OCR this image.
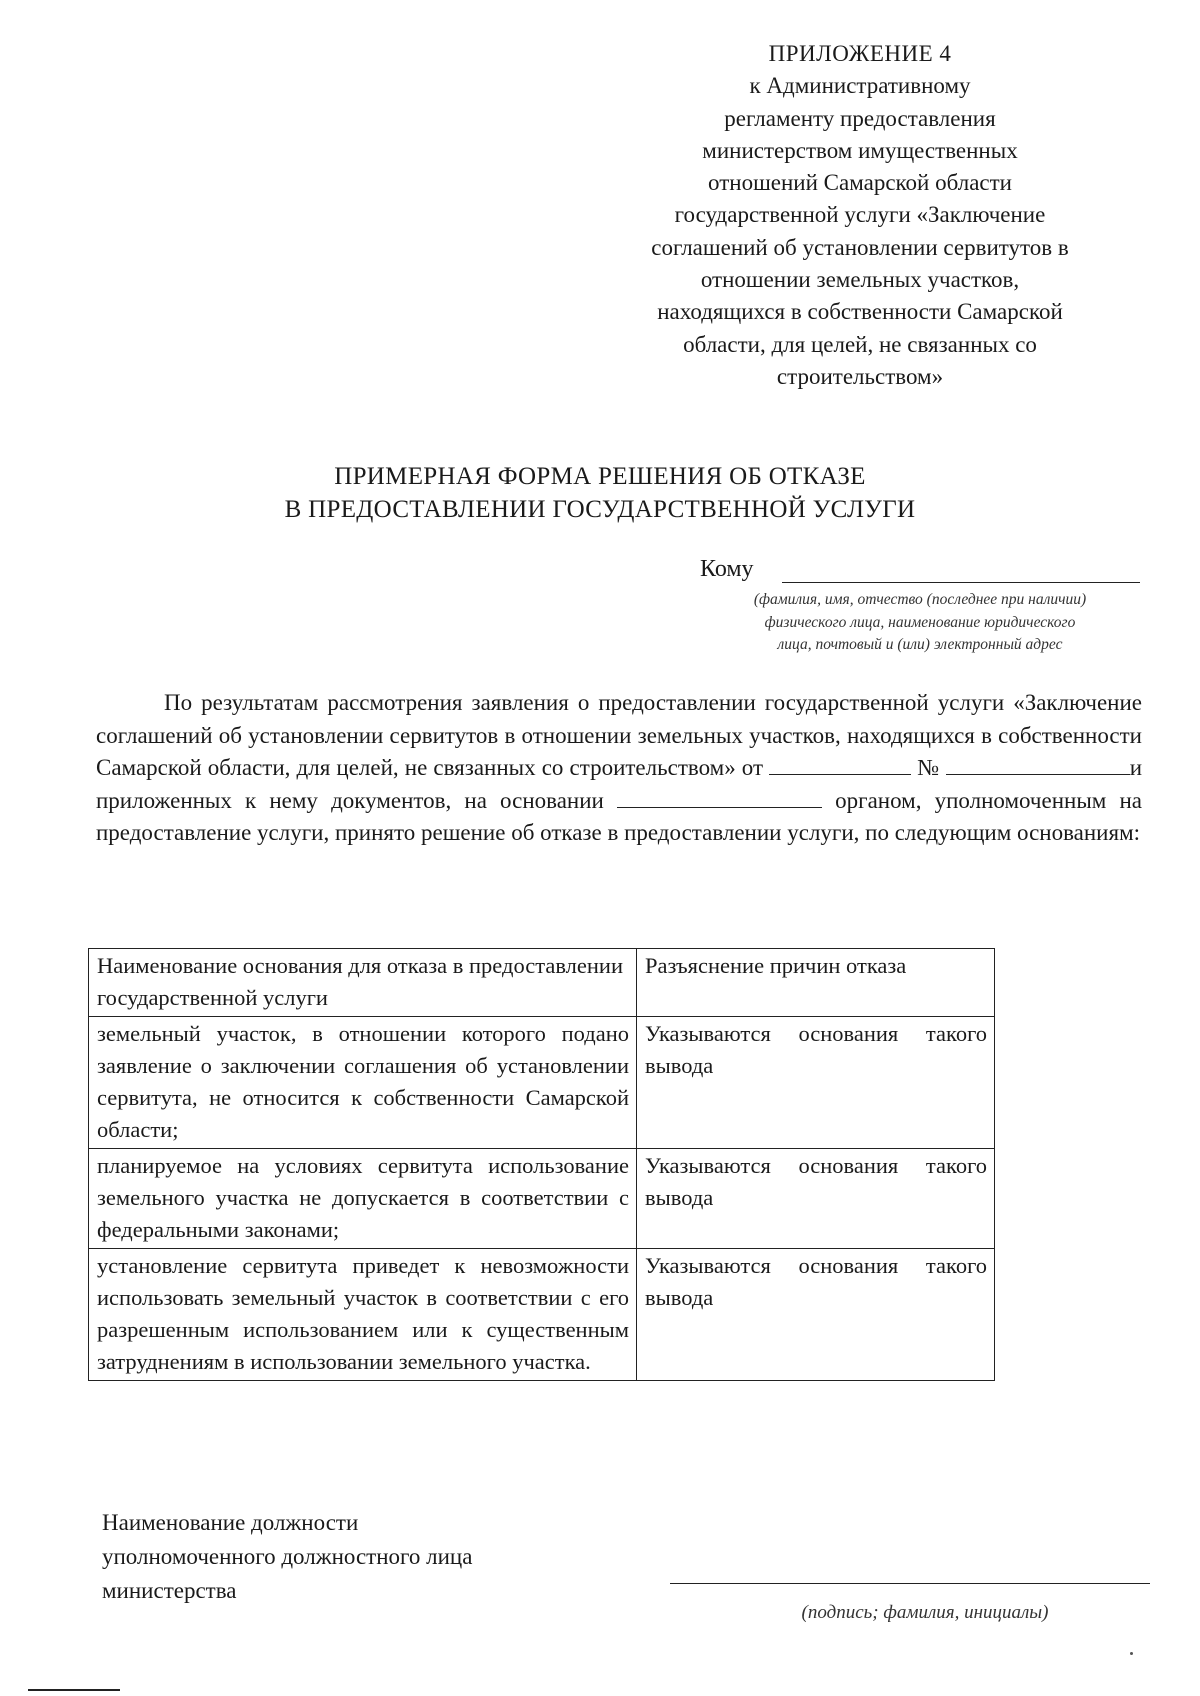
ПРИЛОЖЕНИЕ 4
к Административному
регламенту предоставления
министерством имущественных
отношений Самарской области
государственной услуги «Заключение
соглашений об установлении сервитутов в
отношении земельных участков,
находящихся в собственности Самарской
области, для целей, не связанных со
строительством»
ПРИМЕРНАЯ ФОРМА РЕШЕНИЯ ОБ ОТКАЗЕ
В ПРЕДОСТАВЛЕНИИ ГОСУДАРСТВЕННОЙ УСЛУГИ
Кому
(фамилия, имя, отчество (последнее при наличии)
физического лица, наименование юридического
лица, почтовый и (или) электронный адрес
По результатам рассмотрения заявления о предоставлении государственной услуги «Заключение соглашений об установлении сервитутов в отношении земельных участков, находящихся в собственности Самарской области, для целей, не связанных со строительством» от	№	и приложенных к нему документов, на основании	органом, уполномоченным на предоставление услуги, принято решение об отказе в предоставлении услуги, по следующим основаниям:
Наименование основания для отказа в предоставлении государственной услуги	Разъяснение причин отказа
земельный участок, в отношении которого подано заявление о заключении соглашения об установлении сервитута, не относится к собственности Самарской области;	Указываются основания такого вывода
планируемое на условиях сервитута использование земельного участка не допускается в соответствии с федеральными законами;	Указываются основания такого вывода
установление сервитута приведет к невозможности использовать земельный участок в соответствии с его разрешенным использованием или к существенным затруднениям в использовании земельного участка.	Указываются основания такого вывода
Наименование должности
уполномоченного должностного лица
министерства
(подпись; фамилия, инициалы)
